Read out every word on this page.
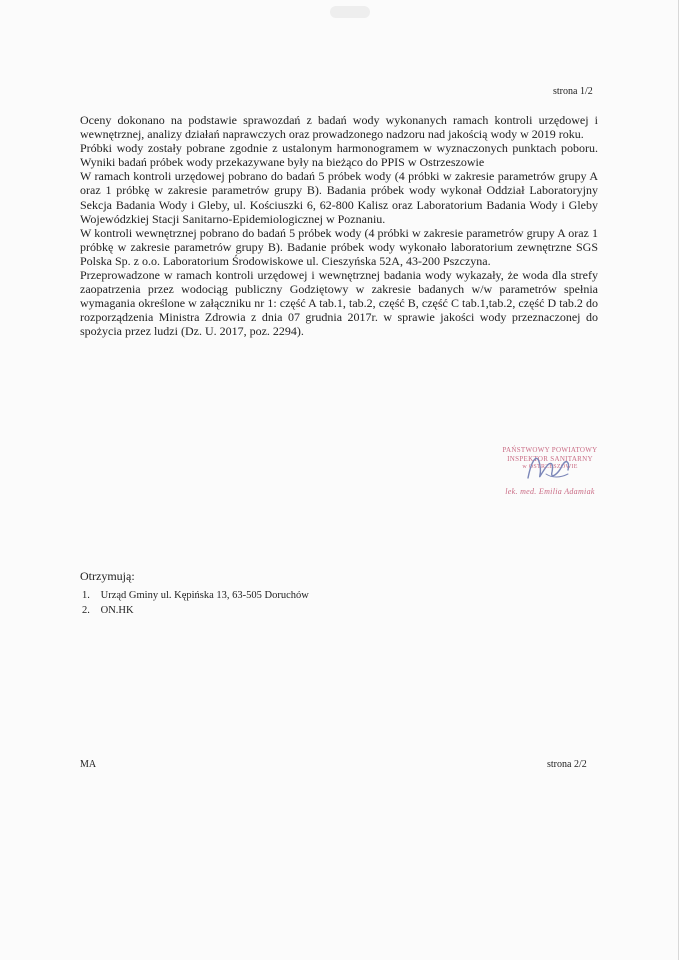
strona 1/2

Oceny dokonano na podstawie sprawozdań z badań wody wykonanych ramach kontroli urzędowej i wewnętrznej, analizy działań naprawczych oraz prowadzonego nadzoru nad jakością wody w 2019 roku.

Próbki wody zostały pobrane zgodnie z ustalonym harmonogramem w wyznaczonych punktach poboru. Wyniki badań próbek wody przekazywane były na bieżąco do PPIS w Ostrzeszowie

W ramach kontroli urzędowej pobrano do badań 5 próbek wody (4 próbki w zakresie parametrów grupy A oraz 1 próbkę w zakresie parametrów grupy B). Badania próbek wody wykonał Oddział Laboratoryjny Sekcja Badania Wody i Gleby, ul. Kościuszki 6, 62-800 Kalisz oraz Laboratorium Badania Wody i Gleby Wojewódzkiej Stacji Sanitarno-Epidemiologicznej w Poznaniu.

W kontroli wewnętrznej pobrano do badań 5 próbek wody (4 próbki w zakresie parametrów grupy A oraz 1 próbkę w zakresie parametrów grupy B). Badanie próbek wody wykonało laboratorium zewnętrzne SGS Polska Sp. z o.o. Laboratorium Środowiskowe ul. Cieszyńska 52A, 43-200 Pszczyna.

Przeprowadzone w ramach kontroli urzędowej i wewnętrznej badania wody wykazały, że woda dla strefy zaopatrzenia przez wodociąg publiczny Godziętowy w zakresie badanych w/w parametrów spełnia wymagania określone w załączniku nr 1: część A tab.1, tab.2, część B, część C tab.1,tab.2, część D tab.2 do rozporządzenia Ministra Zdrowia z dnia 07 grudnia 2017r. w sprawie jakości wody przeznaczonej do spożycia przez ludzi (Dz. U. 2017, poz. 2294).

PAŃSTWOWY POWIATOWY
INSPEKTOR SANITARNY
w OSTRZESZOWIE
lek. med. Emilia Adamiak
Otrzymują:
1. Urząd Gminy ul. Kępińska 13, 63-505 Doruchów
2. ON.HK
MA	strona 2/2
